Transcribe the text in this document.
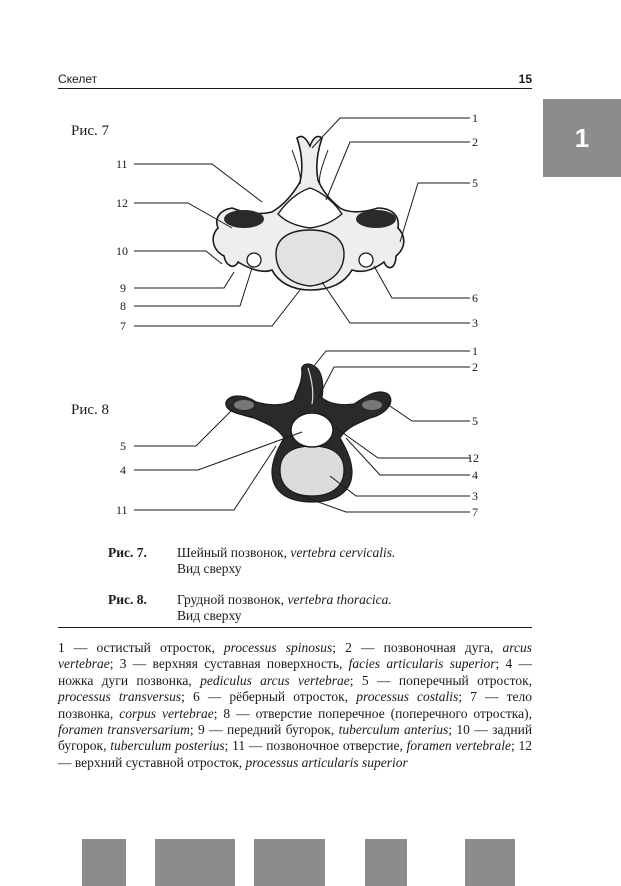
Скелет	15
1
Рис. 7
1
2
5
6
3
11
12
10
9
8
7
Рис. 8
1
2
5
12
4
3
7
5
4
11
Рис. 7. Шейный позвонок, vertebra cervicalis.
Вид сверху
Рис. 8. Грудной позвонок, vertebra thoracica.
Вид сверху
1 — остистый отросток, processus spinosus; 2 — позвоночная дуга, arcus vertebrae; 3 — верхняя суставная поверхность, facies articularis superior; 4 — ножка дуги позвонка, pediculus arcus vertebrae; 5 — поперечный отросток, processus transversus; 6 — рёберный отросток, processus costalis; 7 — тело позвонка, corpus vertebrae; 8 — отверстие поперечное (поперечного отростка), foramen transversarium; 9 — передний бугорок, tuberculum anterius; 10 — задний бугорок, tuberculum posterius; 11 — позвоночное отверстие, foramen vertebrale; 12 — верхний суставной отросток, processus articularis superior
